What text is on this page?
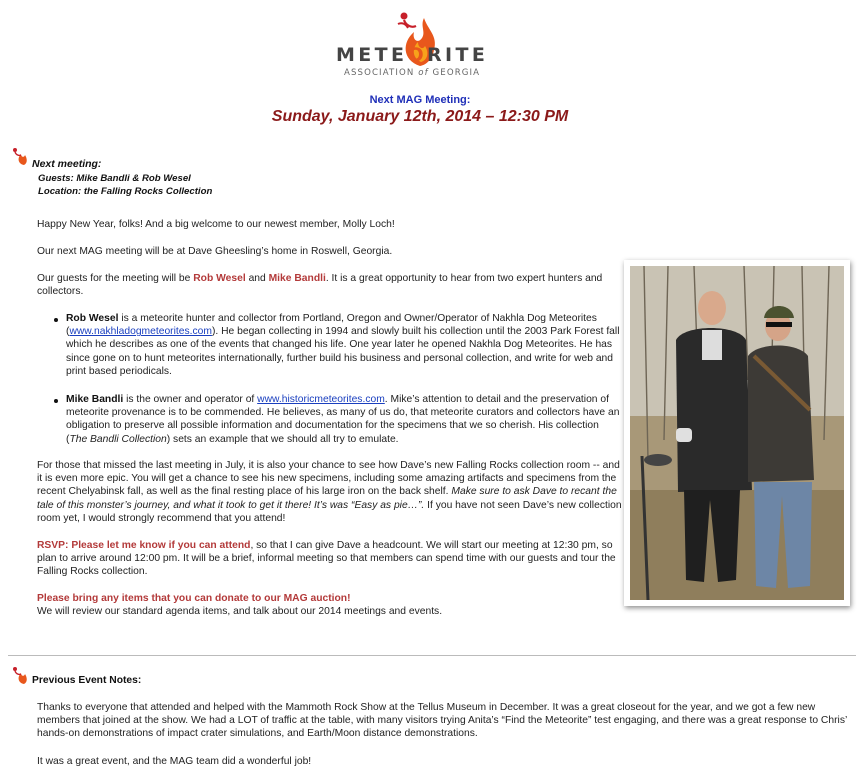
METEORITE
ASSOCIATION of GEORGIA
Next MAG Meeting:
Sunday, January 12th, 2014 – 12:30 PM
Next meeting:
Guests: Mike Bandli & Rob Wesel
Location: the Falling Rocks Collection

Happy New Year, folks! And a big welcome to our newest member, Molly Loch!

Our next MAG meeting will be at Dave Gheesling’s home in Roswell, Georgia.

Our guests for the meeting will be Rob Wesel and Mike Bandli. It is a great opportunity to hear from two expert hunters and collectors.

Rob Wesel is a meteorite hunter and collector from Portland, Oregon and Owner/Operator of Nakhla Dog Meteorites (www.nakhladogmeteorites.com). He began collecting in 1994 and slowly built his collection until the 2003 Park Forest fall which he describes as one of the events that changed his life. One year later he opened Nakhla Dog Meteorites. He has since gone on to hunt meteorites internationally, further build his business and personal collection, and write for web and print based periodicals.

Mike Bandli is the owner and operator of www.historicmeteorites.com. Mike’s attention to detail and the preservation of meteorite provenance is to be commended. He believes, as many of us do, that meteorite curators and collectors have an obligation to preserve all possible information and documentation for the specimens that we so cherish. His collection (The Bandli Collection) sets an example that we should all try to emulate.

For those that missed the last meeting in July, it is also your chance to see how Dave’s new Falling Rocks collection room -- and it is even more epic. You will get a chance to see his new specimens, including some amazing artifacts and specimens from the recent Chelyabinsk fall, as well as the final resting place of his large iron on the back shelf. Make sure to ask Dave to recant the tale of this monster’s journey, and what it took to get it there! It’s was “Easy as pie…”. If you have not seen Dave’s new collection room yet, I would strongly recommend that you attend!

RSVP: Please let me know if you can attend, so that I can give Dave a headcount. We will start our meeting at 12:30 pm, so plan to arrive around 12:00 pm. It will be a brief, informal meeting so that members can spend time with our guests and tour the Falling Rocks collection.

Please bring any items that you can donate to our MAG auction!
We will review our standard agenda items, and talk about our 2014 meetings and events.

Previous Event Notes:

Thanks to everyone that attended and helped with the Mammoth Rock Show at the Tellus Museum in December. It was a great closeout for the year, and we got a few new members that joined at the show. We had a LOT of traffic at the table, with many visitors trying Anita’s “Find the Meteorite” test engaging, and there was a great response to Chris’ hands-on demonstrations of impact crater simulations, and Earth/Moon distance demonstrations.

It was a great event, and the MAG team did a wonderful job!
